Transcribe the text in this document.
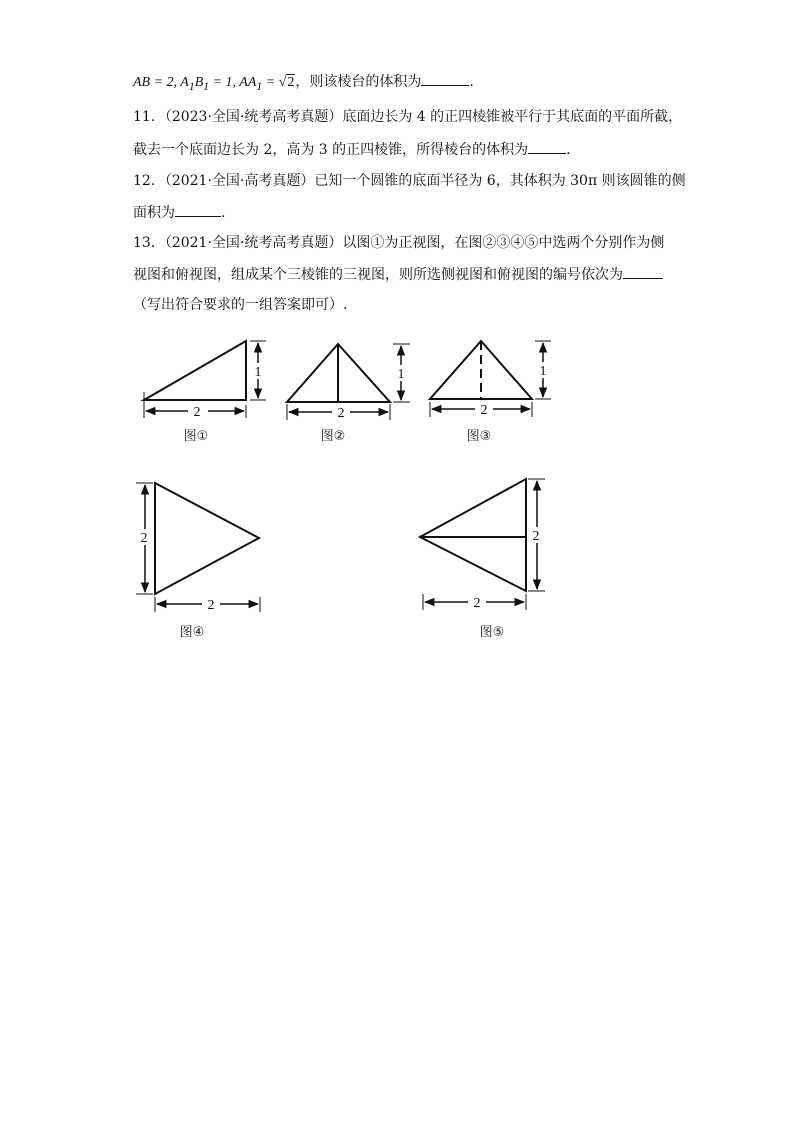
AB = 2, $A_1B_1 = 1$, $AA_1 = √2$，则该棱台的体积为	.
11．（2023·全国·统考高考真题）底面边长为 4 的正四棱锥被平行于其底面的平面所截，
截去一个底面边长为 2，高为 3 的正四棱锥，所得棱台的体积为	.
12．（2021·全国·高考真题）已知一个圆锥的底面半径为 6，其体积为 30π 则该圆锥的侧
面积为	.
13．（2021·全国·统考高考真题）以图①为正视图，在图②③④⑤中选两个分别作为侧
视图和俯视图，组成某个三棱锥的三视图，则所选侧视图和俯视图的编号依次为
（写出符合要求的一组答案即可）.
2
1
图①
2
1
图②
2
1
图③
2
2
图④
2
2
图⑤
